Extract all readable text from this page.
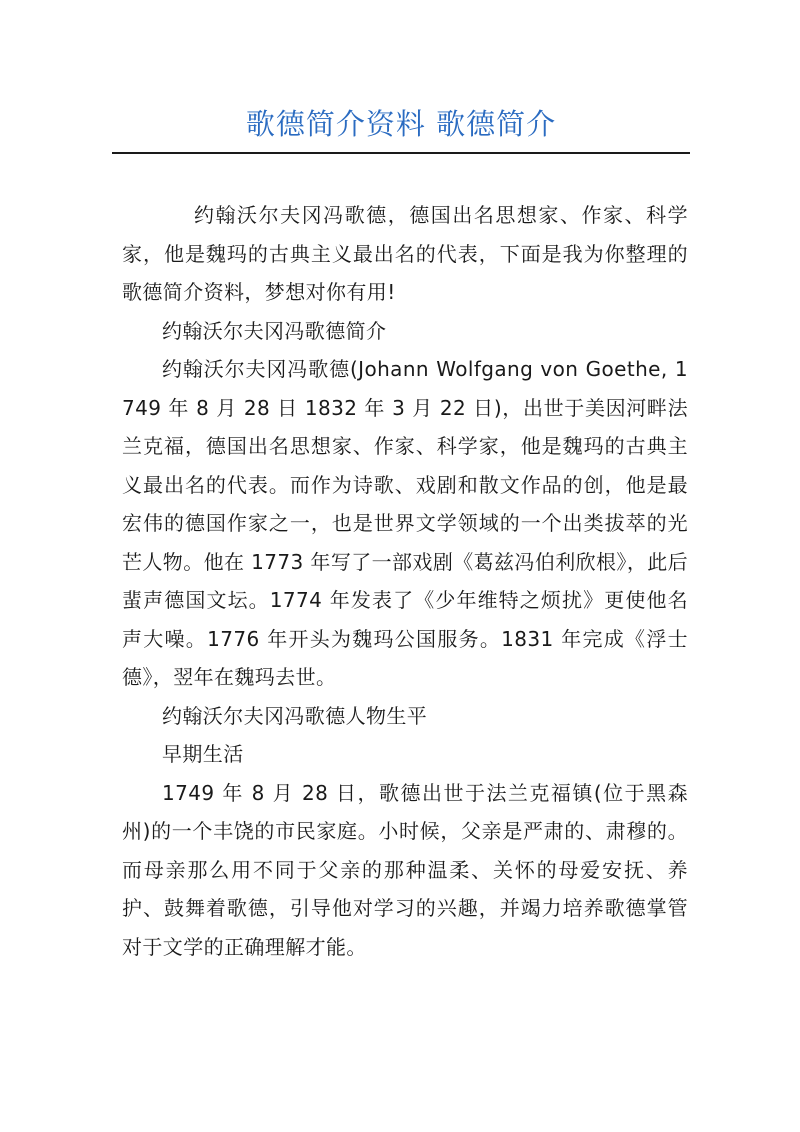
歌德简介资料 歌德简介

约翰沃尔夫冈冯歌德，德国出名思想家、作家、科学家，他是魏玛的古典主义最出名的代表，下面是我为你整理的歌德简介资料，梦想对你有用!

约翰沃尔夫冈冯歌德简介

约翰沃尔夫冈冯歌德(Johann Wolfgang von Goethe, 1749 年 8 月 28 日 1832 年 3 月 22 日)，出世于美因河畔法兰克福，德国出名思想家、作家、科学家，他是魏玛的古典主义最出名的代表。而作为诗歌、戏剧和散文作品的创，他是最宏伟的德国作家之一，也是世界文学领域的一个出类拔萃的光芒人物。他在 1773 年写了一部戏剧《葛兹冯伯利欣根》，此后蜚声德国文坛。1774 年发表了《少年维特之烦扰》更使他名声大噪。1776 年开头为魏玛公国服务。1831 年完成《浮士德》，翌年在魏玛去世。

约翰沃尔夫冈冯歌德人物生平

早期生活

1749 年 8 月 28 日，歌德出世于法兰克福镇(位于黑森州)的一个丰饶的市民家庭。小时候，父亲是严肃的、肃穆的。而母亲那么用不同于父亲的那种温柔、关怀的母爱安抚、养护、鼓舞着歌德，引导他对学习的兴趣，并竭力培养歌德掌管对于文学的正确理解才能。
